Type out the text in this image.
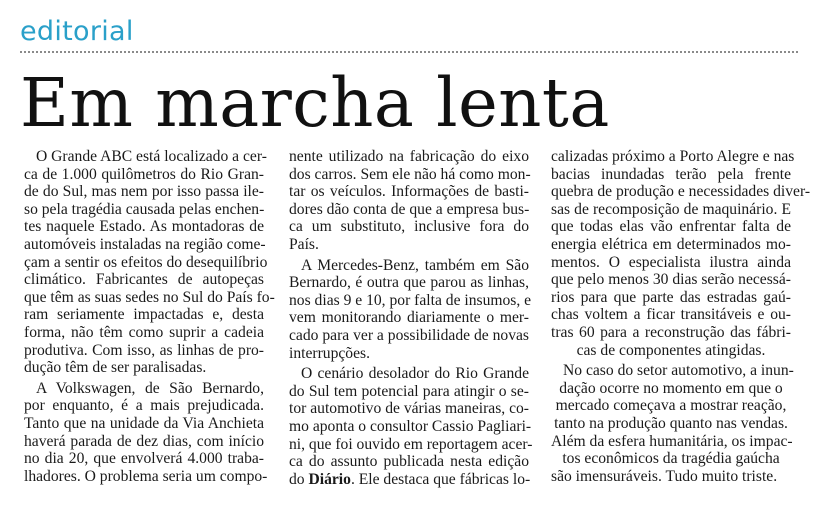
editorial
Em marcha lenta
O Grande ABC está localizado a cer-
ca de 1.000 quilômetros do Rio Gran-
de do Sul, mas nem por isso passa ile-
so pela tragédia causada pelas enchen-
tes naquele Estado. As montadoras de
automóveis instaladas na região come-
çam a sentir os efeitos do desequilíbrio
climático. Fabricantes de autopeças
que têm as suas sedes no Sul do País fo-
ram seriamente impactadas e, desta
forma, não têm como suprir a cadeia
produtiva. Com isso, as linhas de pro-
dução têm de ser paralisadas.
A Volkswagen, de São Bernardo,
por enquanto, é a mais prejudicada.
Tanto que na unidade da Via Anchieta
haverá parada de dez dias, com início
no dia 20, que envolverá 4.000 traba-
lhadores. O problema seria um compo-
nente utilizado na fabricação do eixo
dos carros. Sem ele não há como mon-
tar os veículos. Informações de basti-
dores dão conta de que a empresa bus-
ca um substituto, inclusive fora do
País.
A Mercedes-Benz, também em São
Bernardo, é outra que parou as linhas,
nos dias 9 e 10, por falta de insumos, e
vem monitorando diariamente o mer-
cado para ver a possibilidade de novas
interrupções.
O cenário desolador do Rio Grande
do Sul tem potencial para atingir o se-
tor automotivo de várias maneiras, co-
mo aponta o consultor Cassio Pagliari-
ni, que foi ouvido em reportagem acer-
ca do assunto publicada nesta edição
do Diário. Ele destaca que fábricas lo-
calizadas próximo a Porto Alegre e nas
bacias inundadas terão pela frente
quebra de produção e necessidades diver-
sas de recomposição de maquinário. E
que todas elas vão enfrentar falta de
energia elétrica em determinados mo-
mentos. O especialista ilustra ainda
que pelo menos 30 dias serão necessá-
rios para que parte das estradas gaú-
chas voltem a ficar transitáveis e ou-
tras 60 para a reconstrução das fábri-
cas de componentes atingidas.
No caso do setor automotivo, a inun-
dação ocorre no momento em que o
mercado começava a mostrar reação,
tanto na produção quanto nas vendas.
Além da esfera humanitária, os impac-
tos econômicos da tragédia gaúcha
são imensuráveis. Tudo muito triste.
